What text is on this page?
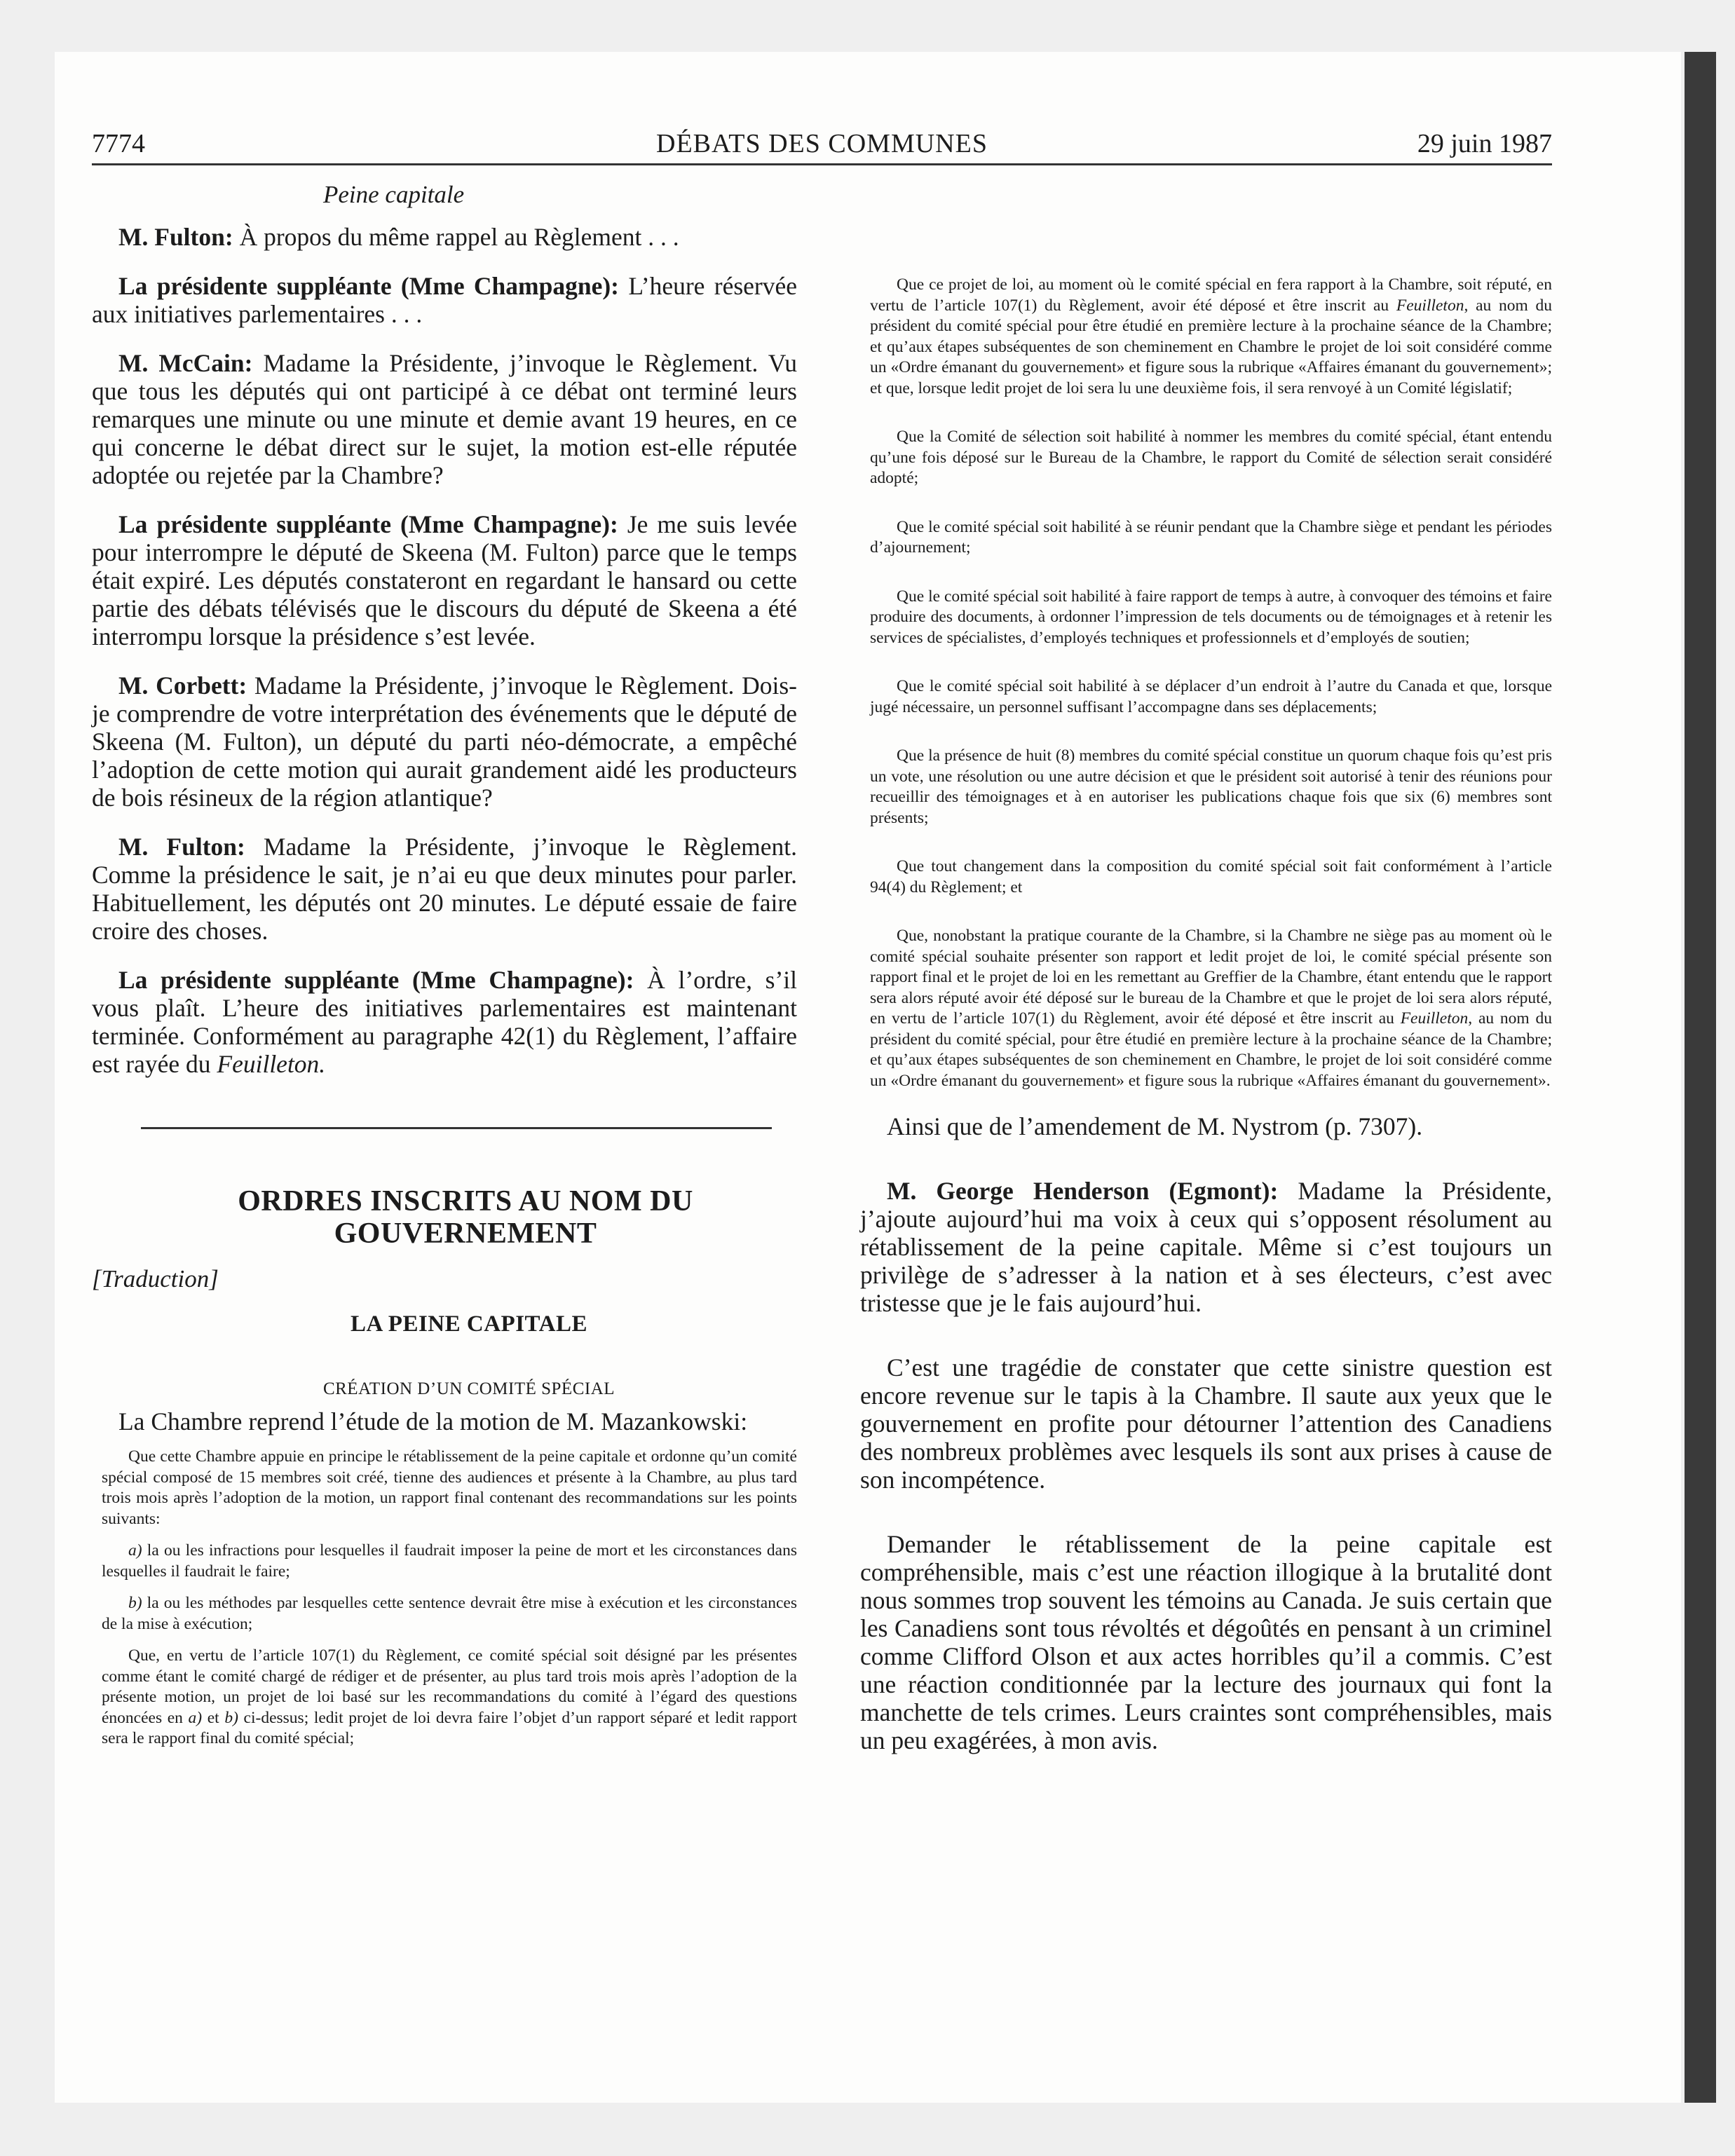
DÉBATS DES COMMUNES
7774	29 juin 1987

Peine capitale

M. Fulton: À propos du même rappel au Règlement . . .

La présidente suppléante (Mme Champagne): L’heure réservée aux initiatives parlementaires . . .

M. McCain: Madame la Présidente, j’invoque le Règlement. Vu que tous les députés qui ont participé à ce débat ont terminé leurs remarques une minute ou une minute et demie avant 19 heures, en ce qui concerne le débat direct sur le sujet, la motion est-elle réputée adoptée ou rejetée par la Chambre?

La présidente suppléante (Mme Champagne): Je me suis levée pour interrompre le député de Skeena (M. Fulton) parce que le temps était expiré. Les députés constateront en regardant le hansard ou cette partie des débats télévisés que le discours du député de Skeena a été interrompu lorsque la présidence s’est levée.

M. Corbett: Madame la Présidente, j’invoque le Règlement. Dois-je comprendre de votre interprétation des événements que le député de Skeena (M. Fulton), un député du parti néo-démocrate, a empêché l’adoption de cette motion qui aurait grandement aidé les producteurs de bois résineux de la région atlantique?

M. Fulton: Madame la Présidente, j’invoque le Règlement. Comme la présidence le sait, je n’ai eu que deux minutes pour parler. Habituellement, les députés ont 20 minutes. Le député essaie de faire croire des choses.

La présidente suppléante (Mme Champagne): À l’ordre, s’il vous plaît. L’heure des initiatives parlementaires est maintenant terminée. Conformément au paragraphe 42(1) du Règlement, l’affaire est rayée du Feuilleton.

ORDRES INSCRITS AU NOM DU GOUVERNEMENT
[Traduction]
LA PEINE CAPITALE
CRÉATION D’UN COMITÉ SPÉCIAL

La Chambre reprend l’étude de la motion de M. Mazankowski:

Que cette Chambre appuie en principe le rétablissement de la peine capitale et ordonne qu’un comité spécial composé de 15 membres soit créé, tienne des audiences et présente à la Chambre, au plus tard trois mois après l’adoption de la motion, un rapport final contenant des recommandations sur les points suivants:

a) la ou les infractions pour lesquelles il faudrait imposer la peine de mort et les circonstances dans lesquelles il faudrait le faire;

b) la ou les méthodes par lesquelles cette sentence devrait être mise à exécution et les circonstances de la mise à exécution;

Que, en vertu de l’article 107(1) du Règlement, ce comité spécial soit désigné par les présentes comme étant le comité chargé de rédiger et de présenter, au plus tard trois mois après l’adoption de la présente motion, un projet de loi basé sur les recommandations du comité à l’égard des questions énoncées en a) et b) ci-dessus; ledit projet de loi devra faire l’objet d’un rapport séparé et ledit rapport sera le rapport final du comité spécial;

Que ce projet de loi, au moment où le comité spécial en fera rapport à la Chambre, soit réputé, en vertu de l’article 107(1) du Règlement, avoir été déposé et être inscrit au Feuilleton, au nom du président du comité spécial pour être étudié en première lecture à la prochaine séance de la Chambre; et qu’aux étapes subséquentes de son cheminement en Chambre le projet de loi soit considéré comme un «Ordre émanant du gouvernement» et figure sous la rubrique «Affaires émanant du gouvernement»; et que, lorsque ledit projet de loi sera lu une deuxième fois, il sera renvoyé à un Comité législatif;

Que la Comité de sélection soit habilité à nommer les membres du comité spécial, étant entendu qu’une fois déposé sur le Bureau de la Chambre, le rapport du Comité de sélection serait considéré adopté;

Que le comité spécial soit habilité à se réunir pendant que la Chambre siège et pendant les périodes d’ajournement;

Que le comité spécial soit habilité à faire rapport de temps à autre, à convoquer des témoins et faire produire des documents, à ordonner l’impression de tels documents ou de témoignages et à retenir les services de spécialistes, d’employés techniques et professionnels et d’employés de soutien;

Que le comité spécial soit habilité à se déplacer d’un endroit à l’autre du Canada et que, lorsque jugé nécessaire, un personnel suffisant l’accompagne dans ses déplacements;

Que la présence de huit (8) membres du comité spécial constitue un quorum chaque fois qu’est pris un vote, une résolution ou une autre décision et que le président soit autorisé à tenir des réunions pour recueillir des témoignages et à en autoriser les publications chaque fois que six (6) membres sont présents;

Que tout changement dans la composition du comité spécial soit fait conformément à l’article 94(4) du Règlement; et

Que, nonobstant la pratique courante de la Chambre, si la Chambre ne siège pas au moment où le comité spécial souhaite présenter son rapport et ledit projet de loi, le comité spécial présente son rapport final et le projet de loi en les remettant au Greffier de la Chambre, étant entendu que le rapport sera alors réputé avoir été déposé sur le bureau de la Chambre et que le projet de loi sera alors réputé, en vertu de l’article 107(1) du Règlement, avoir été déposé et être inscrit au Feuilleton, au nom du président du comité spécial, pour être étudié en première lecture à la prochaine séance de la Chambre; et qu’aux étapes subséquentes de son cheminement en Chambre, le projet de loi soit considéré comme un «Ordre émanant du gouvernement» et figure sous la rubrique «Affaires émanant du gouvernement».

Ainsi que de l’amendement de M. Nystrom (p. 7307).

M. George Henderson (Egmont): Madame la Présidente, j’ajoute aujourd’hui ma voix à ceux qui s’opposent résolument au rétablissement de la peine capitale. Même si c’est toujours un privilège de s’adresser à la nation et à ses électeurs, c’est avec tristesse que je le fais aujourd’hui.

C’est une tragédie de constater que cette sinistre question est encore revenue sur le tapis à la Chambre. Il saute aux yeux que le gouvernement en profite pour détourner l’attention des Canadiens des nombreux problèmes avec lesquels ils sont aux prises à cause de son incompétence.

Demander le rétablissement de la peine capitale est compréhensible, mais c’est une réaction illogique à la brutalité dont nous sommes trop souvent les témoins au Canada. Je suis certain que les Canadiens sont tous révoltés et dégoûtés en pensant à un criminel comme Clifford Olson et aux actes horribles qu’il a commis. C’est une réaction conditionnée par la lecture des journaux qui font la manchette de tels crimes. Leurs craintes sont compréhensibles, mais un peu exagérées, à mon avis.
